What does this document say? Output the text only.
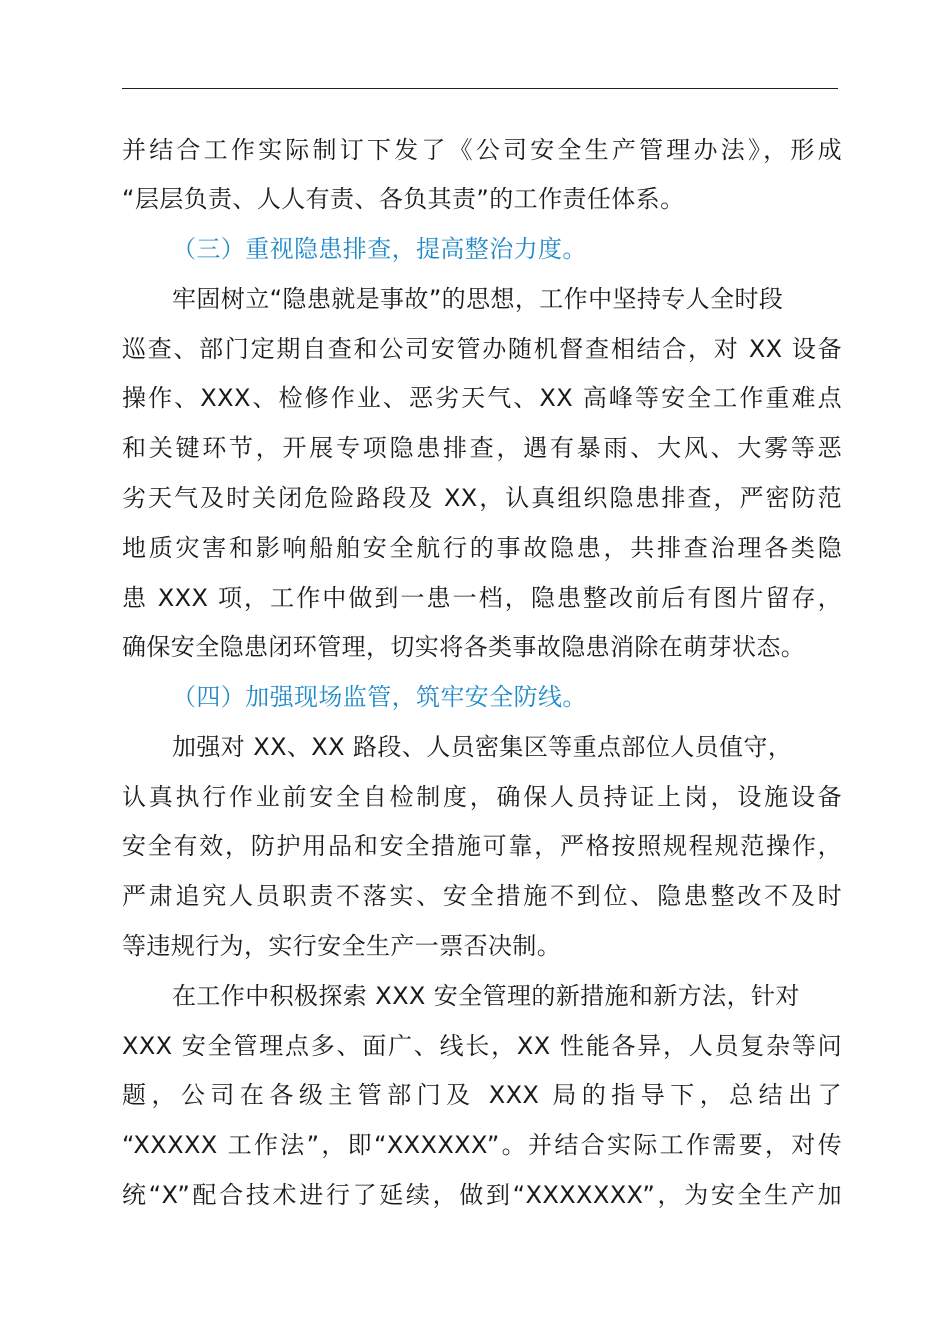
并结合工作实际制订下发了《公司安全生产管理办法》，形成
“层层负责、人人有责、各负其责”的工作责任体系。
（三）重视隐患排查，提高整治力度。
牢固树立“隐患就是事故”的思想，工作中坚持专人全时段
巡查、部门定期自查和公司安管办随机督查相结合，对 XX 设备
操作、XXX、检修作业、恶劣天气、XX 高峰等安全工作重难点
和关键环节，开展专项隐患排查，遇有暴雨、大风、大雾等恶
劣天气及时关闭危险路段及 XX，认真组织隐患排查，严密防范
地质灾害和影响船舶安全航行的事故隐患，共排查治理各类隐
患 XXX 项，工作中做到一患一档，隐患整改前后有图片留存，
确保安全隐患闭环管理，切实将各类事故隐患消除在萌芽状态。
（四）加强现场监管，筑牢安全防线。
加强对 XX、XX 路段、人员密集区等重点部位人员值守，
认真执行作业前安全自检制度，确保人员持证上岗，设施设备
安全有效，防护用品和安全措施可靠，严格按照规程规范操作，
严肃追究人员职责不落实、安全措施不到位、隐患整改不及时
等违规行为，实行安全生产一票否决制。
在工作中积极探索 XXX 安全管理的新措施和新方法，针对
XXX 安全管理点多、面广、线长，XX 性能各异，人员复杂等问
题，公司在各级主管部门及 XXX 局的指导下，总结出了
“XXXXX 工作法”，即“XXXXXX”。并结合实际工作需要，对传
统“X”配合技术进行了延续，做到“XXXXXXX”，为安全生产加
